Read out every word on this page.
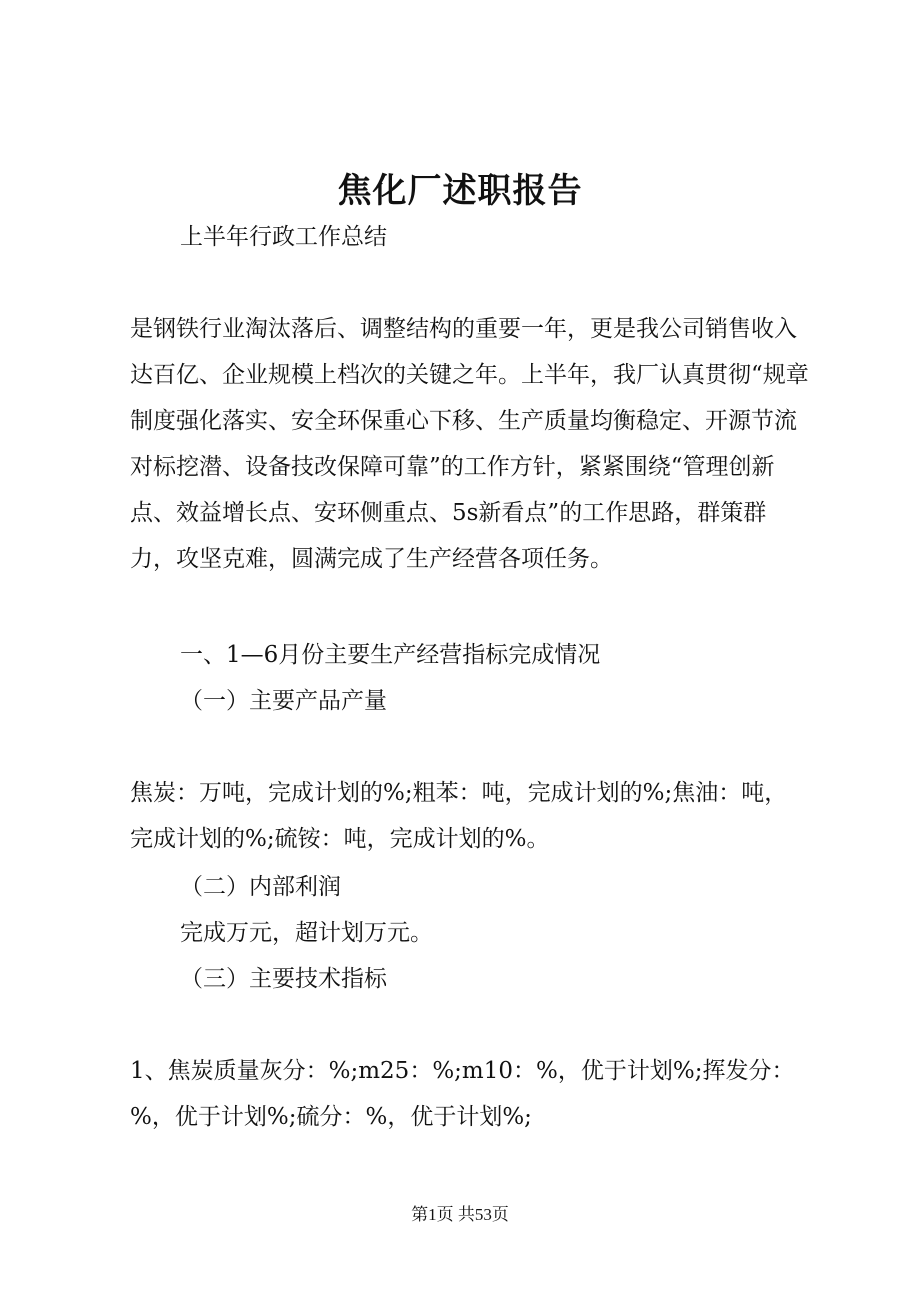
焦化厂述职报告
上半年行政工作总结
是钢铁行业淘汰落后、调整结构的重要一年，更是我公司销售收入达百亿、企业规模上档次的关键之年。上半年，我厂认真贯彻“规章制度强化落实、安全环保重心下移、生产质量均衡稳定、开源节流对标挖潜、设备技改保障可靠”的工作方针，紧紧围绕“管理创新点、效益增长点、安环侧重点、5s新看点”的工作思路，群策群力，攻坚克难，圆满完成了生产经营各项任务。
一、1—6月份主要生产经营指标完成情况
（一）主要产品产量
焦炭：万吨，完成计划的%;粗苯：吨，完成计划的%;焦油：吨，完成计划的%;硫铵：吨，完成计划的%。
（二）内部利润
完成万元，超计划万元。
（三）主要技术指标
1、焦炭质量灰分：%;m25：%;m10：%，优于计划%;挥发分：%，优于计划%;硫分：%，优于计划%;
第1页 共53页
